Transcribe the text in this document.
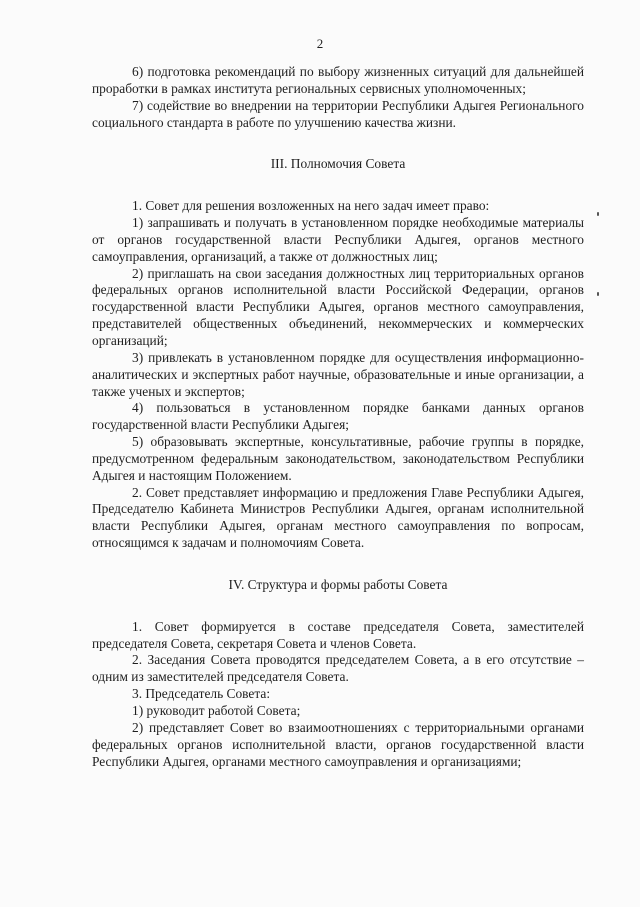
2

6) подготовка рекомендаций по выбору жизненных ситуаций для дальнейшей проработки в рамках института региональных сервисных уполномоченных;

7) содействие во внедрении на территории Республики Адыгея Регионального социального стандарта в работе по улучшению качества жизни.

III. Полномочия Совета

1. Совет для решения возложенных на него задач имеет право:

1) запрашивать и получать в установленном порядке необходимые материалы от органов государственной власти Республики Адыгея, органов местного самоуправления, организаций, а также от должностных лиц;

2) приглашать на свои заседания должностных лиц территориальных органов федеральных органов исполнительной власти Российской Федерации, органов государственной власти Республики Адыгея, органов местного самоуправления, представителей общественных объединений, некоммерческих и коммерческих организаций;

3) привлекать в установленном порядке для осуществления информационно-аналитических и экспертных работ научные, образовательные и иные организации, а также ученых и экспертов;

4) пользоваться в установленном порядке банками данных органов государственной власти Республики Адыгея;

5) образовывать экспертные, консультативные, рабочие группы в порядке, предусмотренном федеральным законодательством, законодательством Республики Адыгея и настоящим Положением.

2. Совет представляет информацию и предложения Главе Республики Адыгея, Председателю Кабинета Министров Республики Адыгея, органам исполнительной власти Республики Адыгея, органам местного самоуправления по вопросам, относящимся к задачам и полномочиям Совета.

IV. Структура и формы работы Совета

1. Совет формируется в составе председателя Совета, заместителей председателя Совета, секретаря Совета и членов Совета.

2. Заседания Совета проводятся председателем Совета, а в его отсутствие – одним из заместителей председателя Совета.

3. Председатель Совета:

1) руководит работой Совета;

2) представляет Совет во взаимоотношениях с территориальными органами федеральных органов исполнительной власти, органов государственной власти Республики Адыгея, органами местного самоуправления и организациями;
